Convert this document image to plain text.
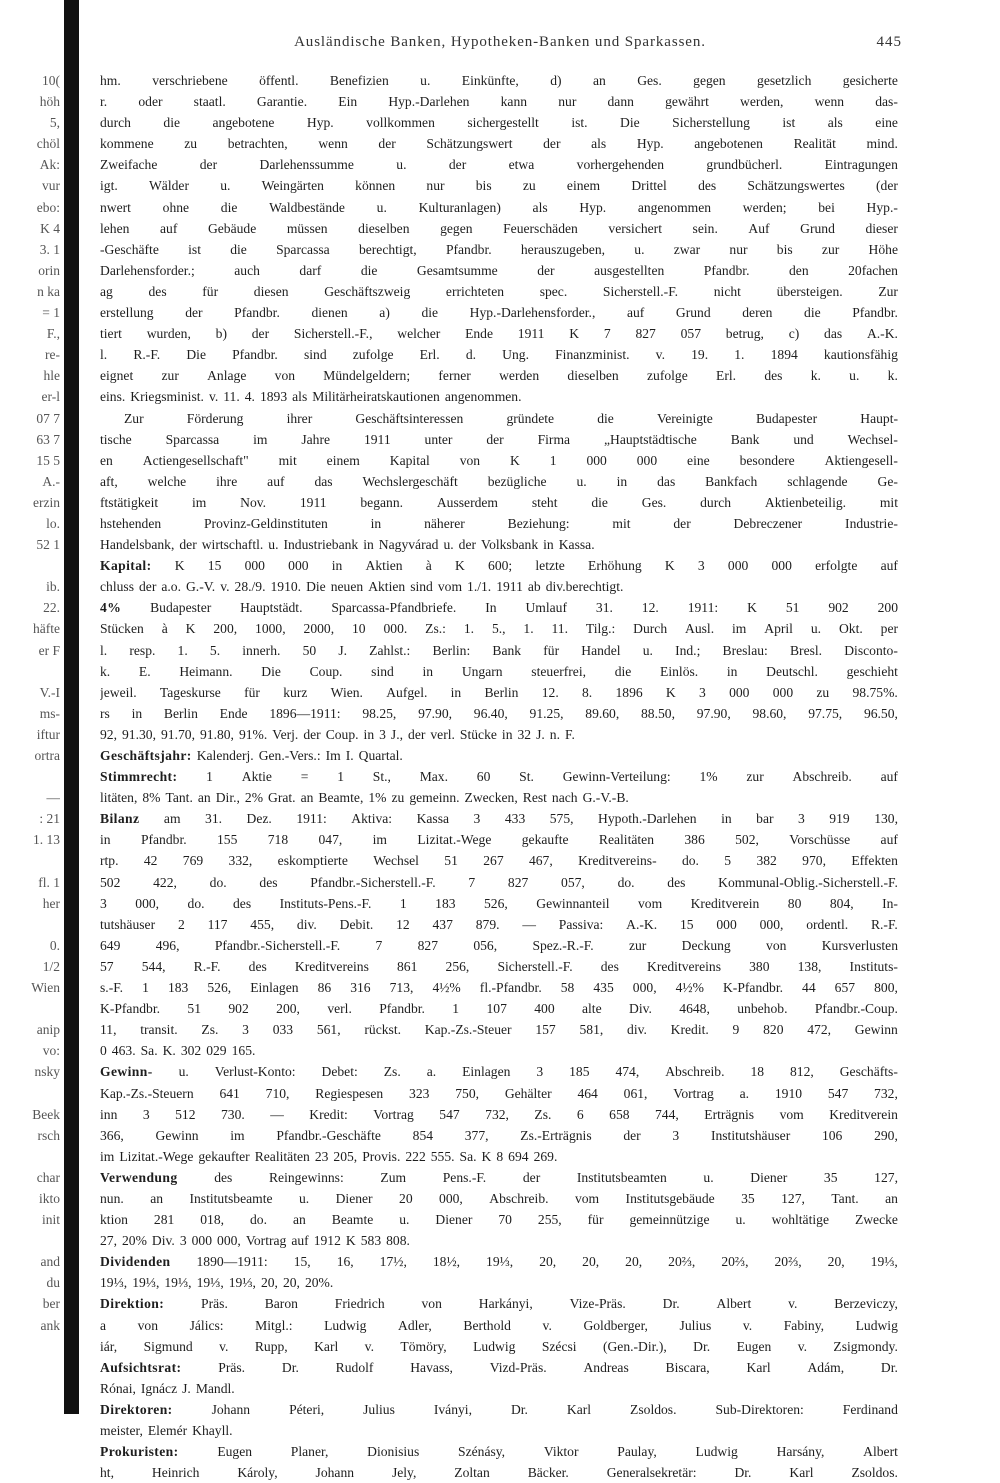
10(
höh
5,
chöl
Ak:
vur
ebo:
K 4
3. 1
orin
n ka
= 1
F.,
re-
hle
er-l
07 7
63 7
15 5
A.-
erzin
lo.
52 1
ib.
22.
häfte
er F
V.-I
ms-
iftur
ortra
—
: 21
1. 13
fl. 1
her
0.
1/2
Wien
anip
vo:
nsky
Beek
rsch
char
ikto
init
and
du
ber
ank
Ausländische Banken, Hypotheken-Banken und Sparkassen.	445
hm. verschriebene öffentl. Benefizien u. Einkünfte, d) an Ges. gegen gesetzlich gesicherte
r. oder staatl. Garantie. Ein Hyp.-Darlehen kann nur dann gewährt werden, wenn das-
durch die angebotene Hyp. vollkommen sichergestellt ist. Die Sicherstellung ist als eine
kommene zu betrachten, wenn der Schätzungswert der als Hyp. angebotenen Realität mind.
Zweifache	der	Darlehenssumme	u.	der	etwa	vorhergehenden	grundbücherl.	Eintragungen
igt. Wälder u. Weingärten können nur bis zu einem Drittel des Schätzungswertes (der
nwert ohne die Waldbestände u. Kulturanlagen) als Hyp. angenommen werden; bei Hyp.-
lehen auf Gebäude müssen dieselben gegen Feuerschäden versichert sein. Auf Grund dieser
-Geschäfte ist die Sparcassa berechtigt, Pfandbr. herauszugeben, u. zwar nur bis zur Höhe
Darlehensforder.;	auch	darf	die	Gesamtsumme	der	ausgestellten	Pfandbr.	den	20fachen
ag	des	für	diesen	Geschäftszweig	errichteten	spec.	Sicherstell.-F.	nicht	übersteigen.	Zur
erstellung der Pfandbr. dienen a) die Hyp.-Darlehensforder., auf Grund deren die Pfandbr.
tiert wurden, b) der Sicherstell.-F., welcher Ende 1911 K 7 827 057 betrug, c) das A.-K.
l. R.-F. Die Pfandbr. sind zufolge Erl. d. Ung. Finanzminist. v. 19. 1. 1894 kautionsfähig
eignet zur Anlage von Mündelgeldern; ferner werden dieselben zufolge Erl. des k. u. k.
eins. Kriegsminist. v. 11. 4. 1893 als Militärheiratskautionen angenommen.
Zur	Förderung	ihrer	Geschäftsinteressen	gründete	die	Vereinigte	Budapester	Haupt-
tische Sparcassa im Jahre 1911 unter der Firma „Hauptstädtische Bank und Wechsel-
en Actiengesellschaft" mit einem Kapital von K 1 000 000 eine besondere Aktiengesell-
aft, welche ihre auf das Wechslergeschäft bezügliche u. in das Bankfach schlagende Ge-
ftstätigkeit im Nov. 1911 begann. Ausserdem steht die Ges. durch Aktienbeteilig. mit
hstehenden	Provinz-Geldinstituten	in	näherer	Beziehung:	mit	der	Debreczener	Industrie-
Handelsbank, der wirtschaftl. u. Industriebank in Nagyvárad u. der Volksbank in Kassa.
Kapital: K 15 000 000 in Aktien à K 600; letzte Erhöhung K 3 000 000 erfolgte auf
chluss der a.o. G.-V. v. 28./9. 1910. Die neuen Aktien sind vom 1./1. 1911 ab div.berechtigt.
4% Budapester Hauptstädt. Sparcassa-Pfandbriefe. In Umlauf 31. 12. 1911: K 51 902 200
Stücken à K 200, 1000, 2000, 10 000. Zs.: 1. 5., 1. 11. Tilg.: Durch Ausl. im April u. Okt. per
l. resp. 1. 5. innerh. 50 J. Zahlst.: Berlin: Bank für Handel u. Ind.; Breslau: Bresl. Disconto-
k. E. Heimann. Die Coup. sind in Ungarn steuerfrei, die Einlös. in Deutschl. geschieht
jeweil. Tageskurse für kurz Wien. Aufgel. in Berlin 12. 8. 1896 K 3 000 000 zu 98.75%.
rs in Berlin Ende 1896—1911: 98.25, 97.90, 96.40, 91.25, 89.60, 88.50, 97.90, 98.60, 97.75, 96.50,
92, 91.30, 91.70, 91.80, 91%. Verj. der Coup. in 3 J., der verl. Stücke in 32 J. n. F.
Geschäftsjahr: Kalenderj. Gen.-Vers.: Im I. Quartal.
Stimmrecht: 1 Aktie = 1 St., Max. 60 St. Gewinn-Verteilung: 1% zur Abschreib. auf
litäten, 8% Tant. an Dir., 2% Grat. an Beamte, 1% zu gemeinn. Zwecken, Rest nach G.-V.-B.
Bilanz am 31. Dez. 1911: Aktiva: Kassa 3 433 575, Hypoth.-Darlehen in bar 3 919 130,
in Pfandbr. 155 718 047, im Lizitat.-Wege gekaufte Realitäten 386 502, Vorschüsse auf
rtp. 42 769 332, eskomptierte Wechsel 51 267 467, Kreditvereins- do. 5 382 970, Effekten
502 422, do. des Pfandbr.-Sicherstell.-F. 7 827 057, do. des Kommunal-Oblig.-Sicherstell.-F.
3 000, do. des Instituts-Pens.-F. 1 183 526, Gewinnanteil vom Kreditverein 80 804, In-
tutshäuser 2 117 455, div. Debit. 12 437 879. — Passiva: A.-K. 15 000 000, ordentl. R.-F.
649	496,	Pfandbr.-Sicherstell.-F.	7	827	056,	Spez.-R.-F.	zur	Deckung	von	Kursverlusten
57 544, R.-F. des Kreditvereins 861 256, Sicherstell.-F. des Kreditvereins 380 138, Instituts-
s.-F. 1 183 526, Einlagen 86 316 713, 4½% fl.-Pfandbr. 58 435 000, 4½% K-Pfandbr. 44 657 800,
K-Pfandbr. 51 902 200, verl. Pfandbr. 1 107 400 alte Div. 4648, unbehob. Pfandbr.-Coup.
11, transit. Zs. 3 033 561, rückst. Kap.-Zs.-Steuer 157 581, div. Kredit. 9 820 472, Gewinn
0 463. Sa. K. 302 029 165.
Gewinn- u. Verlust-Konto: Debet: Zs. a. Einlagen 3 185 474, Abschreib. 18 812, Geschäfts-
Kap.-Zs.-Steuern 641 710, Regiespesen 323 750, Gehälter 464 061, Vortrag a. 1910 547 732,
inn 3 512 730. — Kredit: Vortrag 547 732, Zs. 6 658 744, Erträgnis vom Kreditverein
366, Gewinn im Pfandbr.-Geschäfte 854 377, Zs.-Erträgnis der 3 Institutshäuser 106 290,
im Lizitat.-Wege gekaufter Realitäten 23 205, Provis. 222 555. Sa. K 8 694 269.
Verwendung	des	Reingewinns:	Zum	Pens.-F.	der	Institutsbeamten	u.	Diener	35	127,
nun. an Institutsbeamte u. Diener 20 000, Abschreib. vom Institutsgebäude 35 127, Tant. an
ktion 281 018, do. an Beamte u. Diener 70 255, für gemeinnützige u. wohltätige Zwecke
27, 20% Div. 3 000 000, Vortrag auf 1912 K 583 808.
Dividenden 1890—1911: 15, 16, 17½, 18½, 19⅓, 20, 20, 20, 20⅔, 20⅔, 20⅔, 20, 19⅓,
19⅓, 19⅓, 19⅓, 19⅓, 19⅓, 20, 20, 20%.
Direktion:	Präs.	Baron	Friedrich	von	Harkányi,	Vize-Präs.	Dr.	Albert	v.	Berzeviczy,
a von Jálics: Mitgl.: Ludwig Adler, Berthold v. Goldberger, Julius v. Fabiny, Ludwig
iár, Sigmund v. Rupp, Karl v. Tömöry, Ludwig Szécsi (Gen.-Dir.), Dr. Eugen v. Zsigmondy.
Aufsichtsrat:	Präs.	Dr.	Rudolf	Havass,	Vizd-Präs.	Andreas	Biscara,	Karl	Adám,	Dr.
Rónai, Ignácz J. Mandl.
Direktoren:	Johann	Péteri,	Julius	Iványi,	Dr.	Karl	Zsoldos.	Sub-Direktoren:	Ferdinand
meister, Elemér Khayll.
Prokuristen:	Eugen	Planer,	Dionisius	Szénásy,	Viktor	Paulay,	Ludwig	Harsány,	Albert
ht,	Heinrich	Károly,	Johann	Jely,	Zoltan	Bäcker.	Generalsekretär:	Dr.	Karl	Zsoldos.
